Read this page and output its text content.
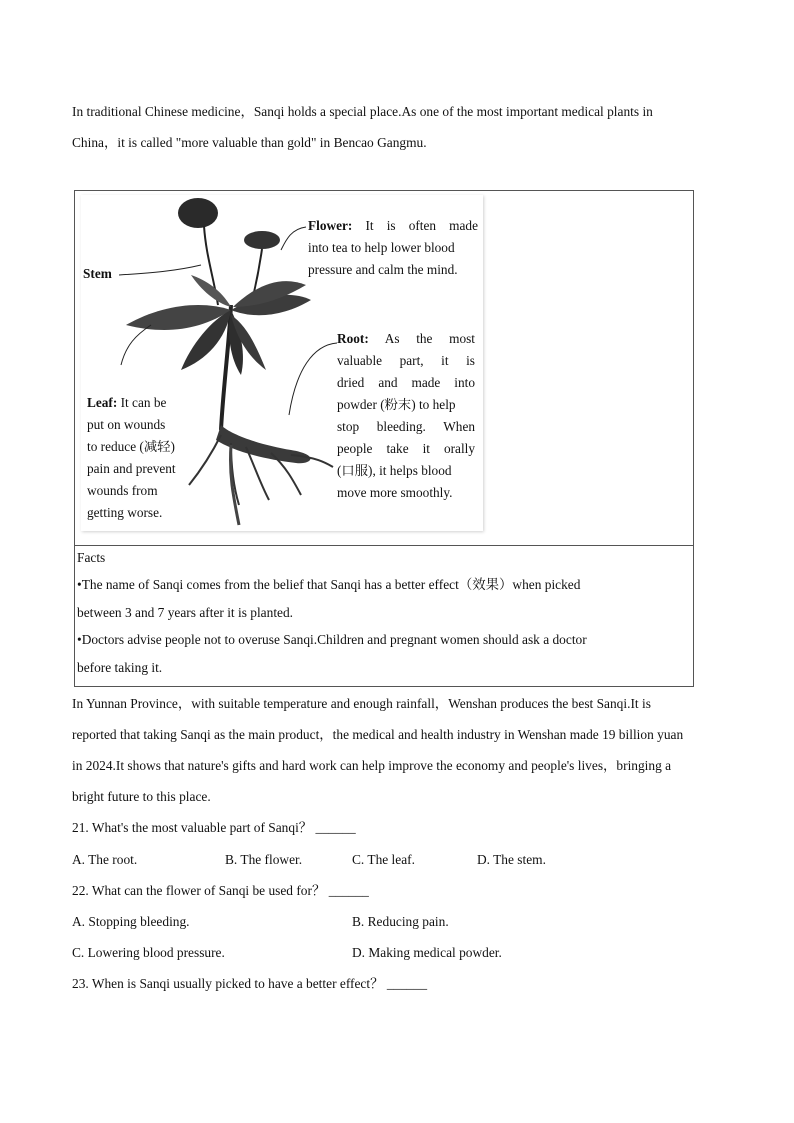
In traditional Chinese medicine，Sanqi holds a special place.As one of the most important medical plants in
China，it is called "more valuable than gold" in Bencao Gangmu.
Stem
Flower: It is often made
into tea to help lower blood
pressure and calm the mind.
Root: As the most
valuable part, it is
dried and made into
powder (粉末) to help
stop bleeding. When
people take it orally
(口服), it helps blood
move more smoothly.
Leaf: It can be
put on wounds
to reduce (减轻)
pain and prevent
wounds from
getting worse.
Facts
•The name of Sanqi comes from the belief that Sanqi has a better effect（效果）when picked
between 3 and 7 years after it is planted.
•Doctors advise people not to overuse Sanqi.Children and pregnant women should ask a doctor
before taking it.
In Yunnan Province，with suitable temperature and enough rainfall，Wenshan produces the best Sanqi.It is
reported that taking Sanqi as the main product，the medical and health industry in Wenshan made 19 billion yuan
in 2024.It shows that nature's gifts and hard work can help improve the economy and people's lives，bringing a
bright future to this place.
21. What's the most valuable part of Sanqi？ ______
A. The root.	B. The flower.	C. The leaf.	D. The stem.
22. What can the flower of Sanqi be used for？ ______
A. Stopping bleeding.	B. Reducing pain.
C. Lowering blood pressure.	D. Making medical powder.
23. When is Sanqi usually picked to have a better effect？ ______
